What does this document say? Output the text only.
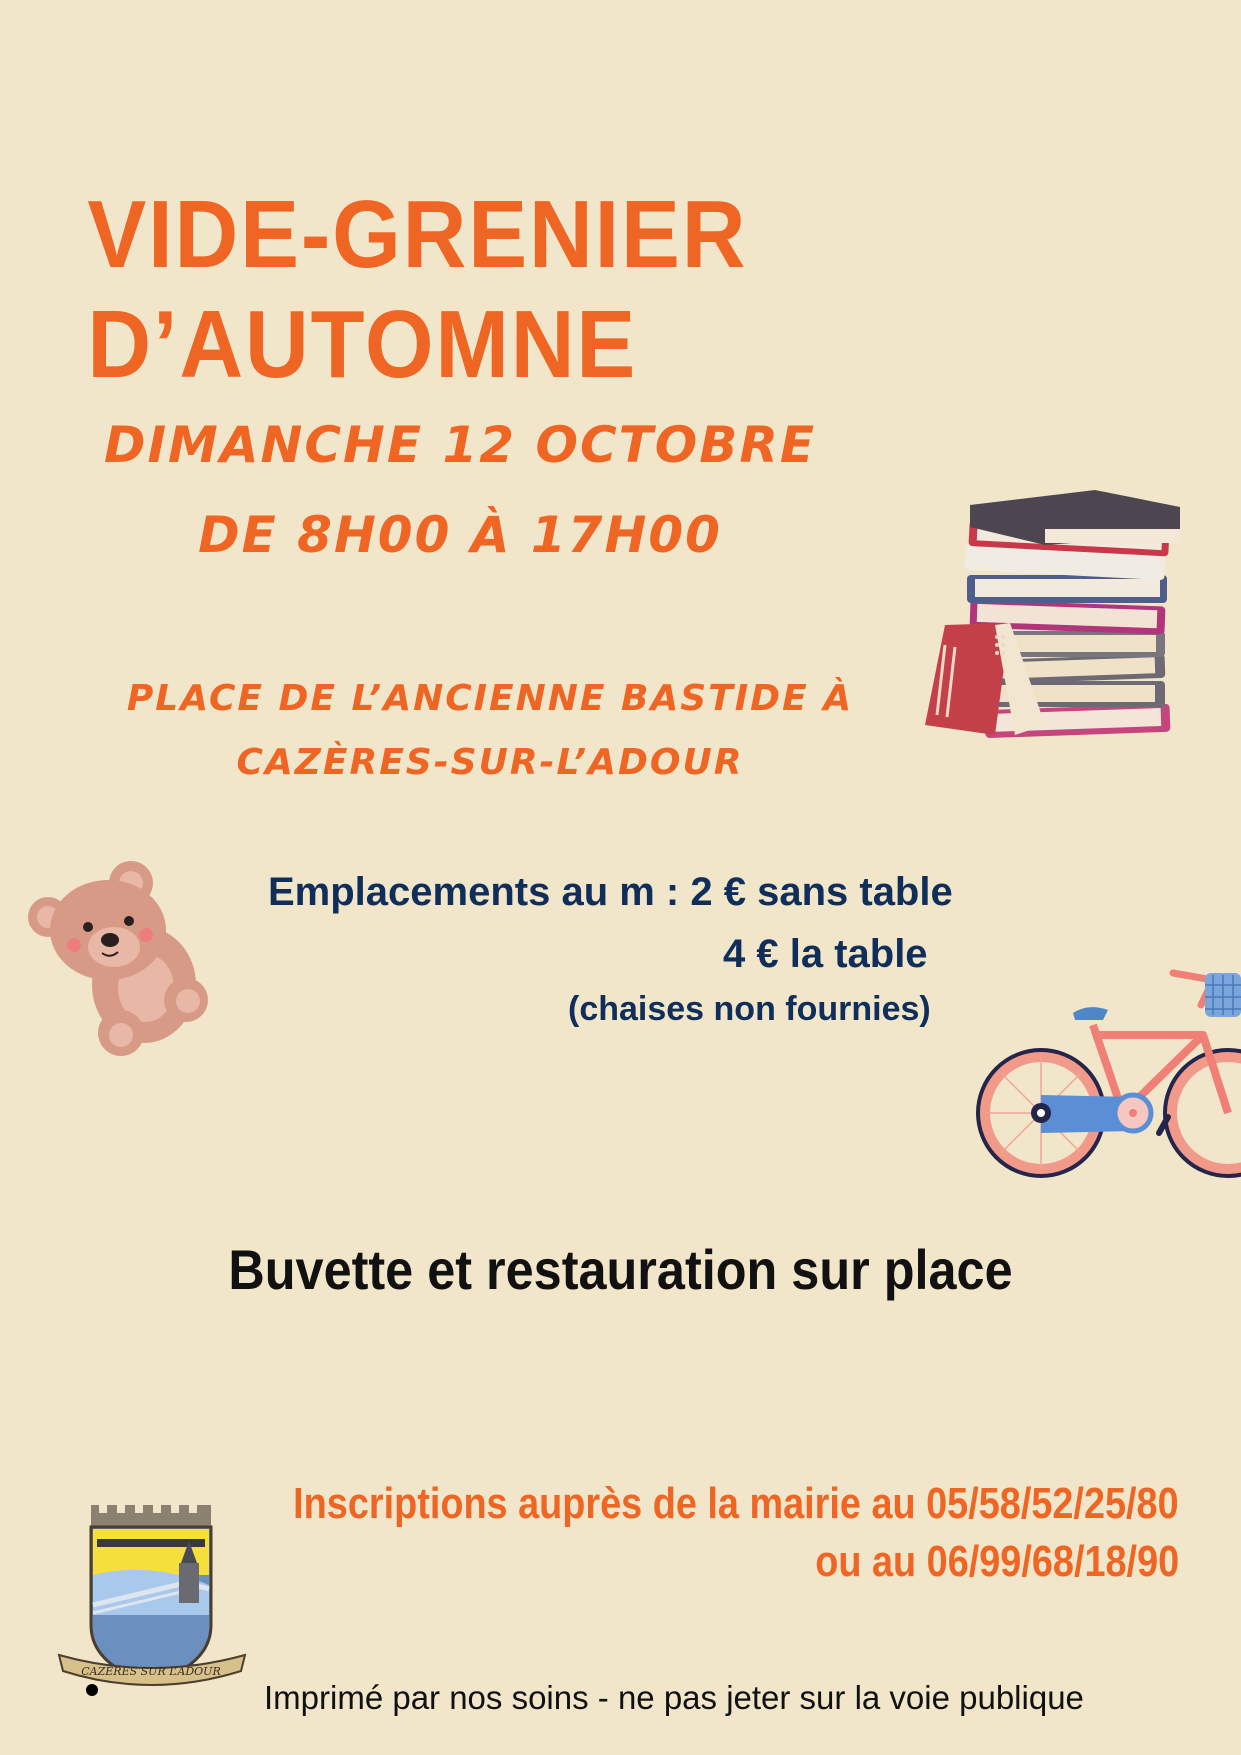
VIDE-GRENIER D’AUTOMNE
DIMANCHE 12 OCTOBRE
DE 8H00 À 17H00
PLACE DE L’ANCIENNE BASTIDE À
CAZÈRES-SUR-L’ADOUR
Emplacements au m : 2 € sans table
4 € la table
(chaises non fournies)
Buvette et restauration sur place
Inscriptions auprès de la mairie au 05/58/52/25/80
ou au 06/99/68/18/90
CAZÈRES SUR L’ADOUR
Imprimé par nos soins - ne pas jeter sur la voie publique
